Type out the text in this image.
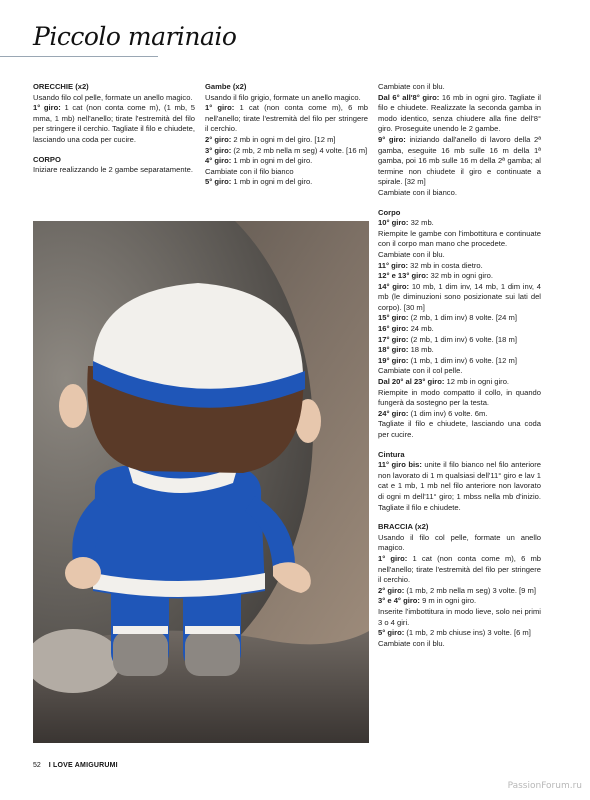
Piccolo marinaio

ORECCHIE (x2)

Usando filo col pelle, formate un anello magico.

1° giro: 1 cat (non conta come m), (1 mb, 5 mma, 1 mb) nell'anello; tirate l'estremità del filo per stringere il cerchio. Tagliate il filo e chiudete, lasciando una coda per cucire.

CORPO

Iniziare realizzando le 2 gambe separatamente.

Gambe (x2)

Usando il filo grigio, formate un anello magico.

1° giro: 1 cat (non conta come m), 6 mb nell'anello; tirate l'estremità del filo per stringere il cerchio.

2° giro: 2 mb in ogni m del giro. [12 m]

3° giro: (2 mb, 2 mb nella m seg) 4 volte. [16 m]

4° giro: 1 mb in ogni m del giro.

Cambiate con il filo bianco

5° giro: 1 mb in ogni m del giro.

Cambiate con il blu.

Dal 6° all'8° giro: 16 mb in ogni giro. Tagliate il filo e chiudete. Realizzate la seconda gamba in modo identico, senza chiudere alla fine dell'8° giro. Proseguite unendo le 2 gambe.

9° giro: iniziando dall'anello di lavoro della 2ª gamba, eseguite 16 mb sulle 16 m della 1ª gamba, poi 16 mb sulle 16 m della 2ª gamba; al termine non chiudete il giro e continuate a spirale. [32 m]

Cambiate con il bianco.

Corpo

10° giro: 32 mb.

Riempite le gambe con l'imbottitura e continuate con il corpo man mano che procedete.

Cambiate con il blu.

11° giro: 32 mb in costa dietro.

12° e 13° giro: 32 mb in ogni giro.

14° giro: 10 mb, 1 dim inv, 14 mb, 1 dim inv, 4 mb (le diminuzioni sono posizionate sui lati del corpo). [30 m]

15° giro: (2 mb, 1 dim inv) 8 volte. [24 m]

16° giro: 24 mb.

17° giro: (2 mb, 1 dim inv) 6 volte. [18 m]

18° giro: 18 mb.

19° giro: (1 mb, 1 dim inv) 6 volte. [12 m]

Cambiate con il col pelle.

Dal 20° al 23° giro: 12 mb in ogni giro.

Riempite in modo compatto il collo, in quando fungerà da sostegno per la testa.

24° giro: (1 dim inv) 6 volte. 6m.

Tagliate il filo e chiudete, lasciando una coda per cucire.

Cintura

11° giro bis: unite il filo bianco nel filo anteriore non lavorato di 1 m qualsiasi dell'11° giro e lav 1 cat e 1 mb, 1 mb nel filo anteriore non lavorato di ogni m dell'11° giro; 1 mbss nella mb d'inizio. Tagliate il filo e chiudete.

BRACCIA (x2)

Usando il filo col pelle, formate un anello magico.

1° giro: 1 cat (non conta come m), 6 mb nell'anello; tirate l'estremità del filo per stringere il cerchio.

2° giro: (1 mb, 2 mb nella m seg) 3 volte. [9 m]

3° e 4° giro: 9 m in ogni giro.

Inserite l'imbottitura in modo lieve, solo nei primi 3 o 4 giri.

5° giro: (1 mb, 2 mb chiuse ins) 3 volte. [6 m]

Cambiate con il blu.

52 I LOVE AMIGURUMI
PassionForum.ru
